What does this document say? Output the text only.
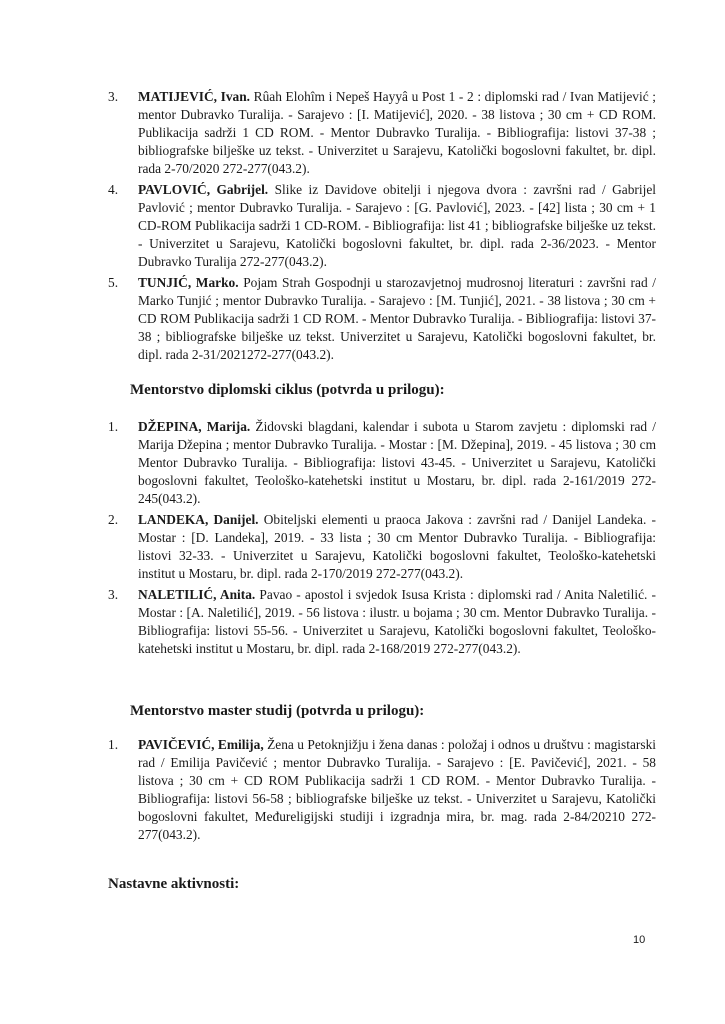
3. MATIJEVIĆ, Ivan. Rûah Elohîm i Nepeš Hayyâ u Post 1 - 2 : diplomski rad / Ivan Matijević ; mentor Dubravko Turalija. - Sarajevo : [I. Matijević], 2020. - 38 listova ; 30 cm + CD ROM. Publikacija sadrži 1 CD ROM. - Mentor Dubravko Turalija. - Bibliografija: listovi 37-38 ; bibliografske bilješke uz tekst. - Univerzitet u Sarajevu, Katolički bogoslovni fakultet, br. dipl. rada 2-70/2020 272-277(043.2).
4. PAVLOVIĆ, Gabrijel. Slike iz Davidove obitelji i njegova dvora : završni rad / Gabrijel Pavlović ; mentor Dubravko Turalija. - Sarajevo : [G. Pavlović], 2023. - [42] lista ; 30 cm + 1 CD-ROM Publikacija sadrži 1 CD-ROM. - Bibliografija: list 41 ; bibliografske bilješke uz tekst. - Univerzitet u Sarajevu, Katolički bogoslovni fakultet, br. dipl. rada 2-36/2023. - Mentor Dubravko Turalija 272-277(043.2).
5. TUNJIĆ, Marko. Pojam Strah Gospodnji u starozavjetnoj mudrosnoj literaturi : završni rad / Marko Tunjić ; mentor Dubravko Turalija. - Sarajevo : [M. Tunjić], 2021. - 38 listova ; 30 cm + CD ROM Publikacija sadrži 1 CD ROM. - Mentor Dubravko Turalija. - Bibliografija: listovi 37-38 ; bibliografske bilješke uz tekst. Univerzitet u Sarajevu, Katolički bogoslovni fakultet, br. dipl. rada 2-31/2021272-277(043.2).
Mentorstvo diplomski ciklus (potvrda u prilogu):
1. DŽEPINA, Marija. Židovski blagdani, kalendar i subota u Starom zavjetu : diplomski rad / Marija Džepina ; mentor Dubravko Turalija. - Mostar : [M. Džepina], 2019. - 45 listova ; 30 cm Mentor Dubravko Turalija. - Bibliografija: listovi 43-45. - Univerzitet u Sarajevu, Katolički bogoslovni fakultet, Teološko-katehetski institut u Mostaru, br. dipl. rada 2-161/2019 272-245(043.2).
2. LANDEKA, Danijel. Obiteljski elementi u praoca Jakova : završni rad / Danijel Landeka. - Mostar : [D. Landeka], 2019. - 33 lista ; 30 cm Mentor Dubravko Turalija. - Bibliografija: listovi 32-33. - Univerzitet u Sarajevu, Katolički bogoslovni fakultet, Teološko-katehetski institut u Mostaru, br. dipl. rada 2-170/2019 272-277(043.2).
3. NALETILIĆ, Anita. Pavao - apostol i svjedok Isusa Krista : diplomski rad / Anita Naletilić. - Mostar : [A. Naletilić], 2019. - 56 listova : ilustr. u bojama ; 30 cm. Mentor Dubravko Turalija. - Bibliografija: listovi 55-56. - Univerzitet u Sarajevu, Katolički bogoslovni fakultet, Teološko-katehetski institut u Mostaru, br. dipl. rada 2-168/2019 272-277(043.2).
Mentorstvo master studij (potvrda u prilogu):
1. PAVIČEVIĆ, Emilija, Žena u Petoknjižju i žena danas : položaj i odnos u društvu : magistarski rad / Emilija Pavičević ; mentor Dubravko Turalija. - Sarajevo : [E. Pavičević], 2021. - 58 listova ; 30 cm + CD ROM Publikacija sadrži 1 CD ROM. - Mentor Dubravko Turalija. - Bibliografija: listovi 56-58 ; bibliografske bilješke uz tekst. - Univerzitet u Sarajevu, Katolički bogoslovni fakultet, Međureligijski studiji i izgradnja mira, br. mag. rada 2-84/20210 272-277(043.2).
Nastavne aktivnosti:
10
